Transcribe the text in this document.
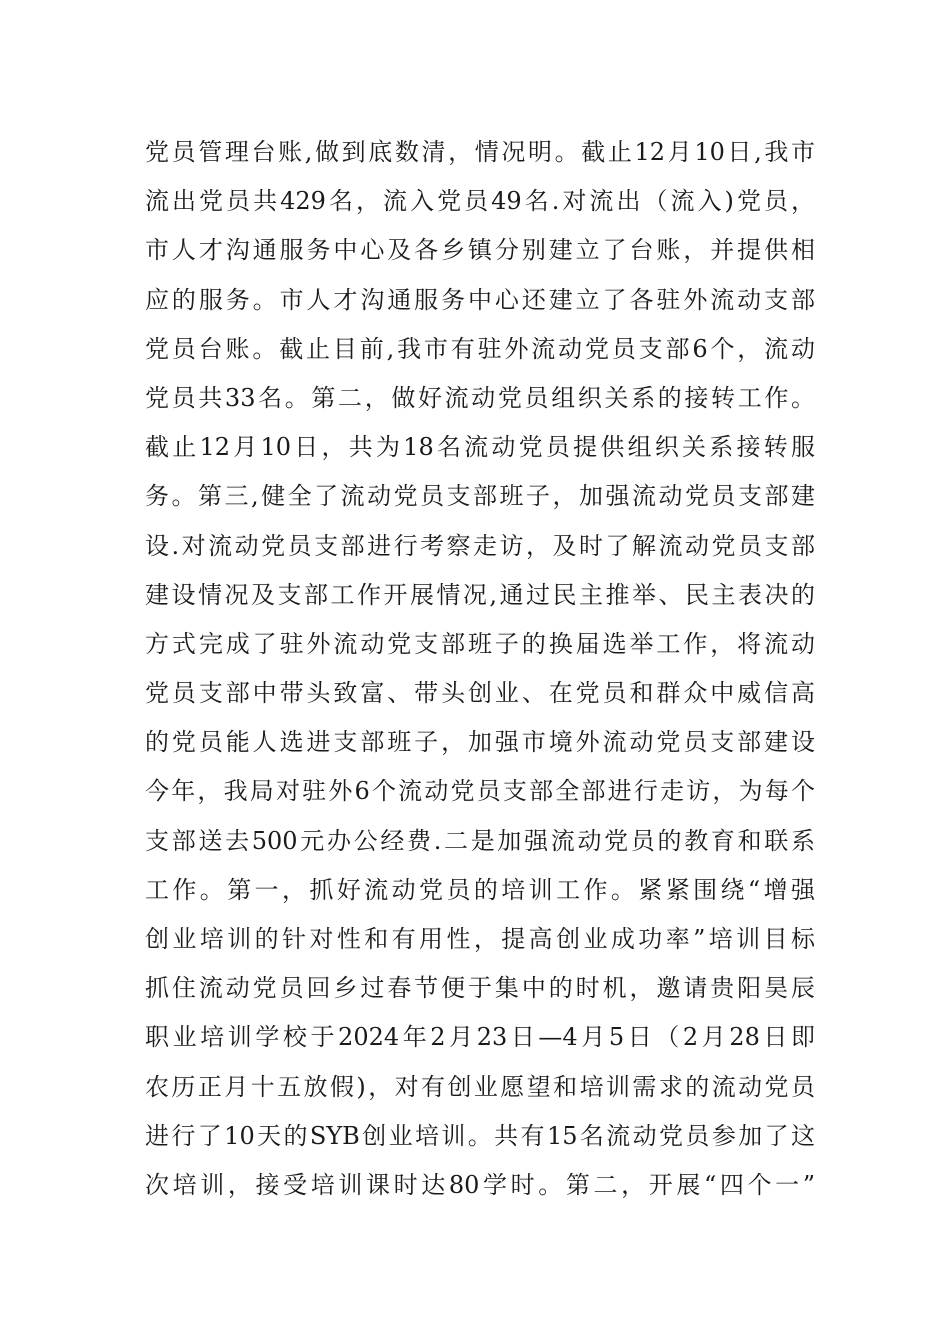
党员管理台账,做到底数清，情况明。截止12月10日,我市
流出党员共429名，流入党员49名.对流出（流入)党员，
市人才沟通服务中心及各乡镇分别建立了台账，并提供相
应的服务。市人才沟通服务中心还建立了各驻外流动支部
党员台账。截止目前,我市有驻外流动党员支部6个，流动
党员共33名。第二，做好流动党员组织关系的接转工作。
截止12月10日，共为18名流动党员提供组织关系接转服
务。第三,健全了流动党员支部班子，加强流动党员支部建
设.对流动党员支部进行考察走访，及时了解流动党员支部
建设情况及支部工作开展情况,通过民主推举、民主表决的
方式完成了驻外流动党支部班子的换届选举工作，将流动
党员支部中带头致富、带头创业、在党员和群众中威信高
的党员能人选进支部班子，加强市境外流动党员支部建设
今年，我局对驻外6个流动党员支部全部进行走访，为每个
支部送去500元办公经费.二是加强流动党员的教育和联系
工作。第一，抓好流动党员的培训工作。紧紧围绕“增强
创业培训的针对性和有用性，提高创业成功率”培训目标
抓住流动党员回乡过春节便于集中的时机，邀请贵阳昊辰
职业培训学校于2024年2月23日—4月5日（2月28日即
农历正月十五放假)，对有创业愿望和培训需求的流动党员
进行了10天的SYB创业培训。共有15名流动党员参加了这
次培训，接受培训课时达80学时。第二，开展“四个一”
